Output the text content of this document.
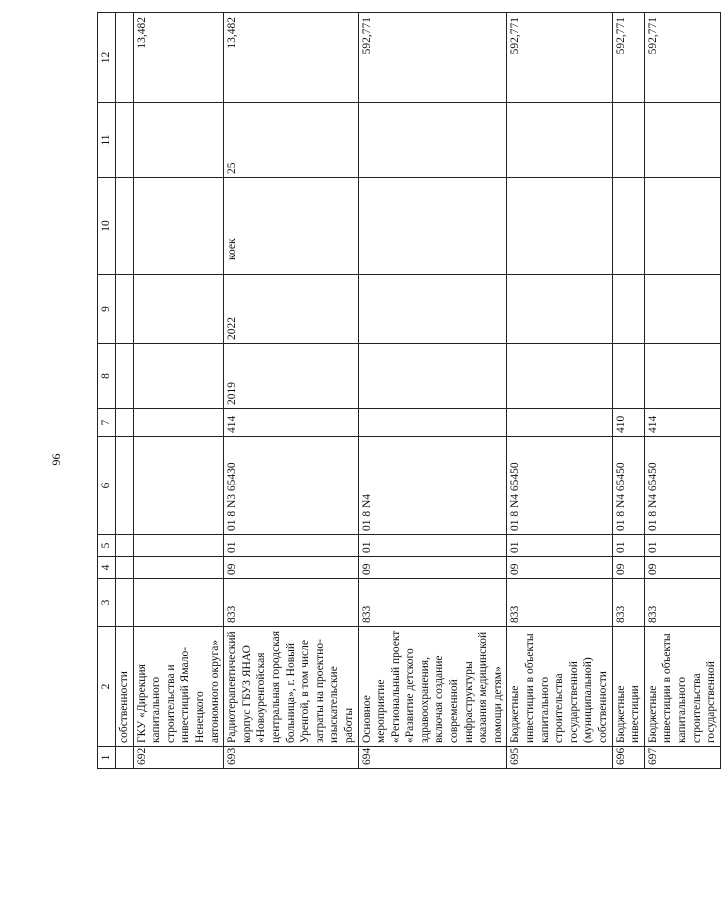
96
1	2	3	4	5	6	7	8	9	10	11	12
	собственности										
692	ГКУ «Дирекция капитального строительства и инвестиций Ямало-Ненецкого автономного округа»										13,482
693	Радиотерапевтический корпус ГБУЗ ЯНАО «Новоуренгойская центральная городская больница», г. Новый Уренгой, в том числе затраты на проектно-изыскательские работы	833	09	01	01 8 N3 65430	414	2019	2022	коек	25	13,482
694	Основное мероприятие «Региональный проект «Развитие детского здравоохранения, включая создание современной инфраструктуры оказания медицинской помощи детям»	833	09	01	01 8 N4						592,771
695	Бюджетные инвестиции в объекты капитального строительства государственной (муниципальной) собственности	833	09	01	01 8 N4 65450						592,771
696	Бюджетные инвестиции	833	09	01	01 8 N4 65450	410					592,771
697	Бюджетные инвестиции в объекты капитального строительства государственной	833	09	01	01 8 N4 65450	414					592,771
